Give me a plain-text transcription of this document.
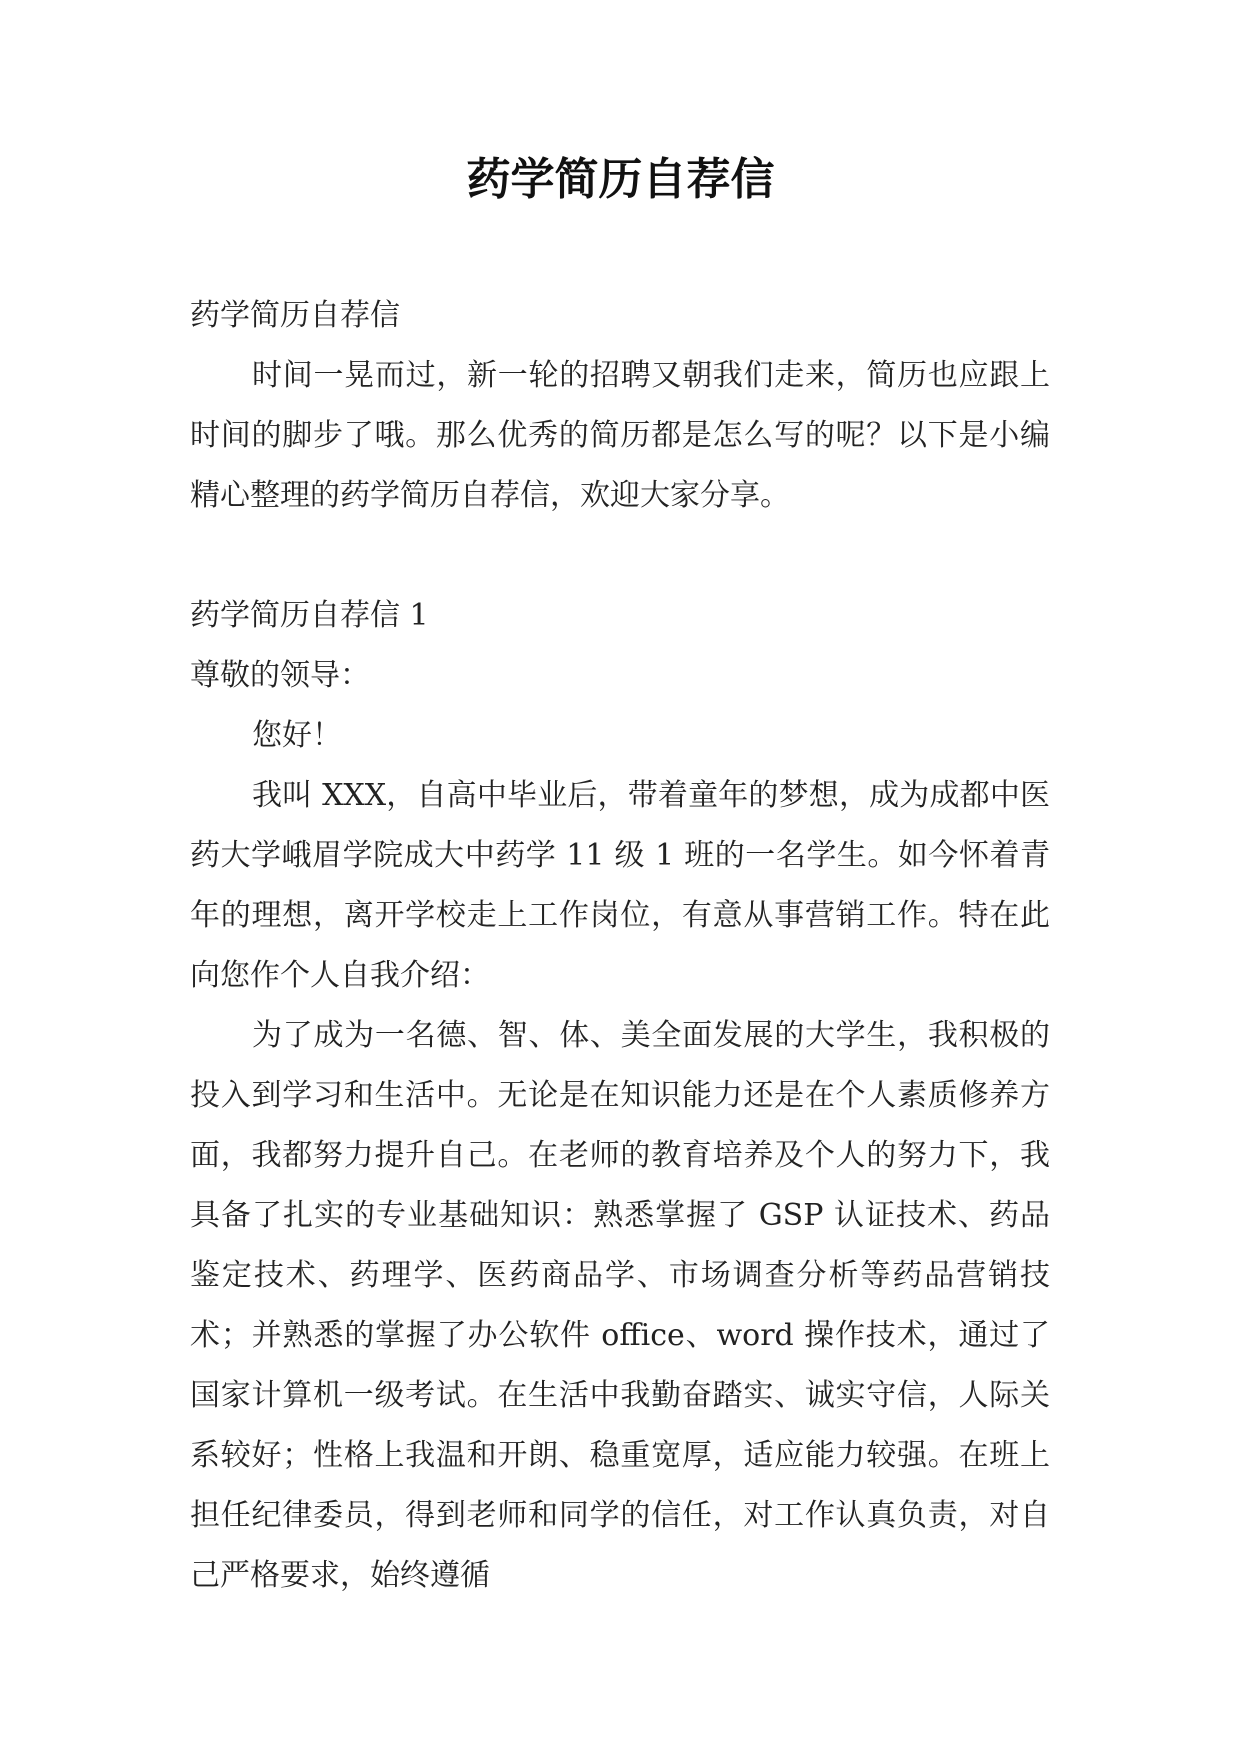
药学简历自荐信

药学简历自荐信

时间一晃而过，新一轮的招聘又朝我们走来，简历也应跟上时间的脚步了哦。那么优秀的简历都是怎么写的呢？以下是小编精心整理的药学简历自荐信，欢迎大家分享。

药学简历自荐信 1

尊敬的领导：

您好！

我叫 XXX，自高中毕业后，带着童年的梦想，成为成都中医药大学峨眉学院成大中药学 11 级 1 班的一名学生。如今怀着青年的理想，离开学校走上工作岗位，有意从事营销工作。特在此向您作个人自我介绍：

为了成为一名德、智、体、美全面发展的大学生，我积极的投入到学习和生活中。无论是在知识能力还是在个人素质修养方面，我都努力提升自己。在老师的教育培养及个人的努力下，我具备了扎实的专业基础知识：熟悉掌握了 GSP 认证技术、药品鉴定技术、药理学、医药商品学、市场调查分析等药品营销技术；并熟悉的掌握了办公软件 office、word 操作技术，通过了国家计算机一级考试。在生活中我勤奋踏实、诚实守信，人际关系较好；性格上我温和开朗、稳重宽厚，适应能力较强。在班上担任纪律委员，得到老师和同学的信任，对工作认真负责，对自己严格要求，始终遵循
